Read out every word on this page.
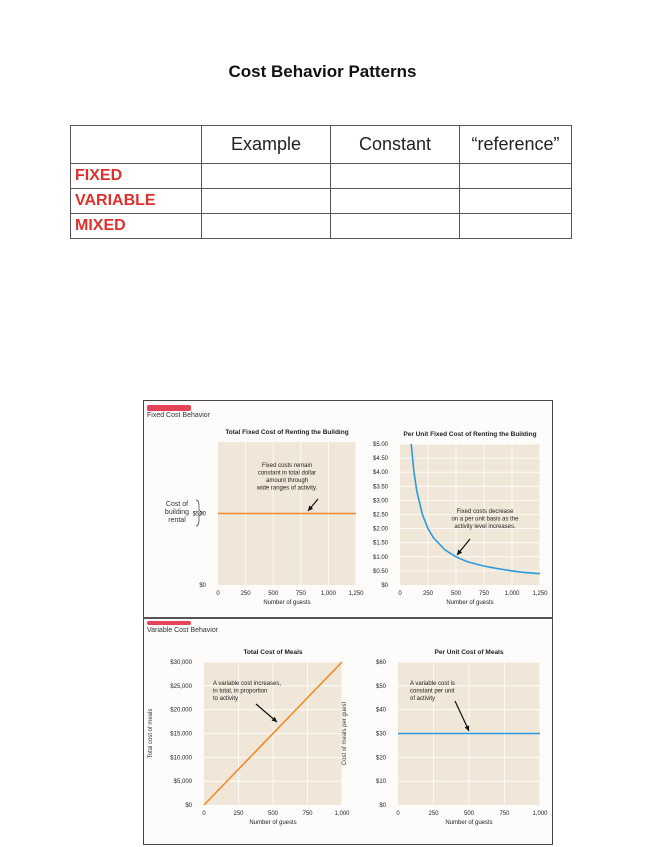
Cost Behavior Patterns
	Example	Constant	“reference”
FIXED			
VARIABLE			
MIXED			
Fixed Cost Behavior
Variable Cost Behavior
Cost of building rental
0	250	500	750	1,000 1,250
$0
$500
Total Fixed Cost of Renting the Building
Number of guests
Fixed costs remain
constant in total dollar
amount through
wide ranges of activity.
0	250	500	750	1,000 1,250
$0
$0.50
$1.00
$1.50
$2.00
$2.50
$3.00
$3.50
$4.00
$4.50
$5.00
Per Unit Fixed Cost of Renting the Building
Number of guests
Fixed costs decrease
on a per unit basis as the
activity level increases.
0	250	500	750	1,000
$0
$5,000
$10,000
$15,000
$20,000
$25,000
$30,000
Total Cost of Meals
Number of guests
Total cost of meals
A variable cost increases,
in total, in proportion
to activity
0	250	500	750	1,000
$0
$10
$20
$30
$40
$50
$60
Per Unit Cost of Meals
Number of guests
Cost of meals per guest
A variable cost is
constant per unit
of activity
